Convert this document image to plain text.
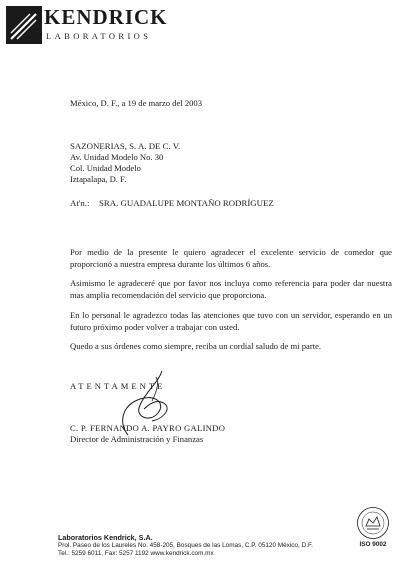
KENDRICK
LABORATORIOS
México, D. F., a 19 de marzo del 2003
SAZONERIAS, S. A. DE C. V.
Av. Unidad Modelo No. 30
Col. Unidad Modelo
Iztapalapa, D. F.
At'n.: SRA. GUADALUPE MONTAÑO RODRÍGUEZ
Por medio de la presente le quiero agradecer el excelente servicio de comedor que proporcionó a nuestra empresa durante los últimos 6 años.
Asimismo le agradeceré que por favor nos incluya como referencia para poder dar nuestra mas amplia recomendación del servicio que proporciona.
En lo personal le agradezco todas las atenciones que tuvo con un servidor, esperando en un futuro próximo poder volver a trabajar con usted.
Quedo a sus órdenes como siempre, reciba un cordial saludo de mi parte.
ATENTAMENTE
C. P. FERNANDO A. PAYRO GALINDO
Director de Administración y Finanzas
Laboratorios Kendrick, S.A.
Prol. Paseo de los Laureles No. 458-205, Bosques de las Lomas, C.P. 05120 México, D.F.
Tel.: 5259 6011, Fax: 5257 1192 www.kendrick.com.mx
ISO 9002
